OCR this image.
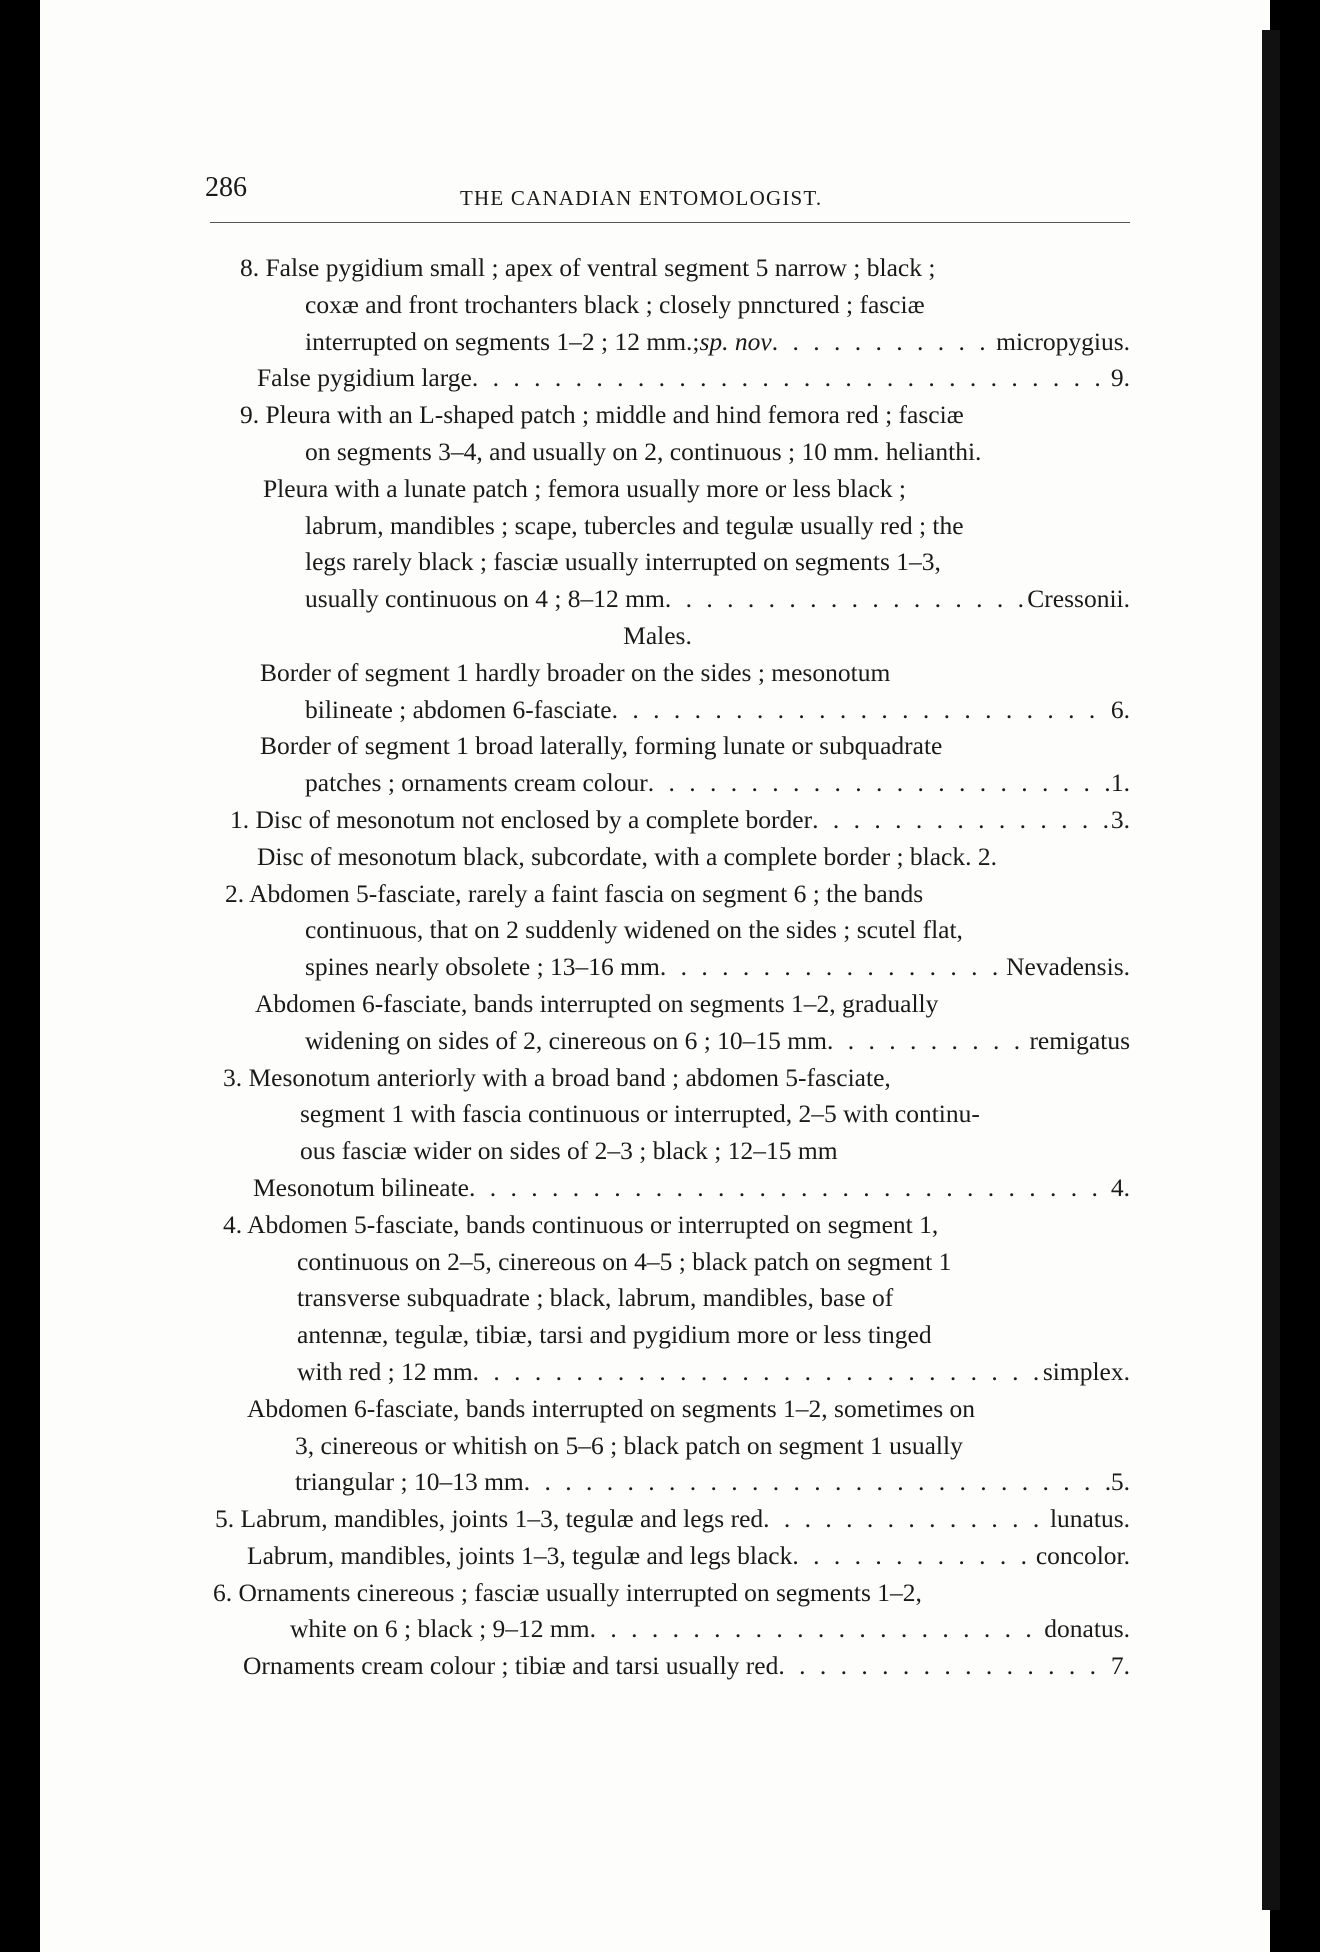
286	THE CANADIAN ENTOMOLOGIST.
8. False pygidium small ; apex of ventral segment 5 narrow ; black ;
coxæ and front trochanters black ; closely pnnctured ; fasciæ
interrupted on segments 1–2 ; 12 mm.; sp. nov . . .	micropygius.
False pygidium large . . .	9.
9. Pleura with an L-shaped patch ; middle and hind femora red ; fasciæ
on segments 3–4, and usually on 2, continuous ; 10 mm. helianthi.
Pleura with a lunate patch ; femora usually more or less black ;
labrum, mandibles ; scape, tubercles and tegulæ usually red ; the
legs rarely black ; fasciæ usually interrupted on segments 1–3,
usually continuous on 4 ; 8–12 mm . . .	Cressonii.
Males.
Border of segment 1 hardly broader on the sides ; mesonotum
bilineate ; abdomen 6-fasciate . . .	6.
Border of segment 1 broad laterally, forming lunate or subquadrate
patches ; ornaments cream colour . . .	1.
1. Disc of mesonotum not enclosed by a complete border . . .	3.
Disc of mesonotum black, subcordate, with a complete border ; black. 2.
2. Abdomen 5-fasciate, rarely a faint fascia on segment 6 ; the bands
continuous, that on 2 suddenly widened on the sides ; scutel flat,
spines nearly obsolete ; 13–16 mm . . .	Nevadensis.
Abdomen 6-fasciate, bands interrupted on segments 1–2, gradually
widening on sides of 2, cinereous on 6 ; 10–15 mm . . .	remigatus
3. Mesonotum anteriorly with a broad band ; abdomen 5-fasciate,
segment 1 with fascia continuous or interrupted, 2–5 with continu-
ous fasciæ wider on sides of 2–3 ; black ; 12–15 mm
Mesonotum bilineate . . .	4.
4. Abdomen 5-fasciate, bands continuous or interrupted on segment 1,
continuous on 2–5, cinereous on 4–5 ; black patch on segment 1
transverse subquadrate ; black, labrum, mandibles, base of
antennæ, tegulæ, tibiæ, tarsi and pygidium more or less tinged
with red ; 12 mm . . .	simplex.
Abdomen 6-fasciate, bands interrupted on segments 1–2, sometimes on
3, cinereous or whitish on 5–6 ; black patch on segment 1 usually
triangular ; 10–13 mm . . .	5.
5. Labrum, mandibles, joints 1–3, tegulæ and legs red . . .	lunatus.
Labrum, mandibles, joints 1–3, tegulæ and legs black . . .	concolor.
6. Ornaments cinereous ; fasciæ usually interrupted on segments 1–2,
white on 6 ; black ; 9–12 mm . . .	donatus.
Ornaments cream colour ; tibiæ and tarsi usually red . . .	7.
